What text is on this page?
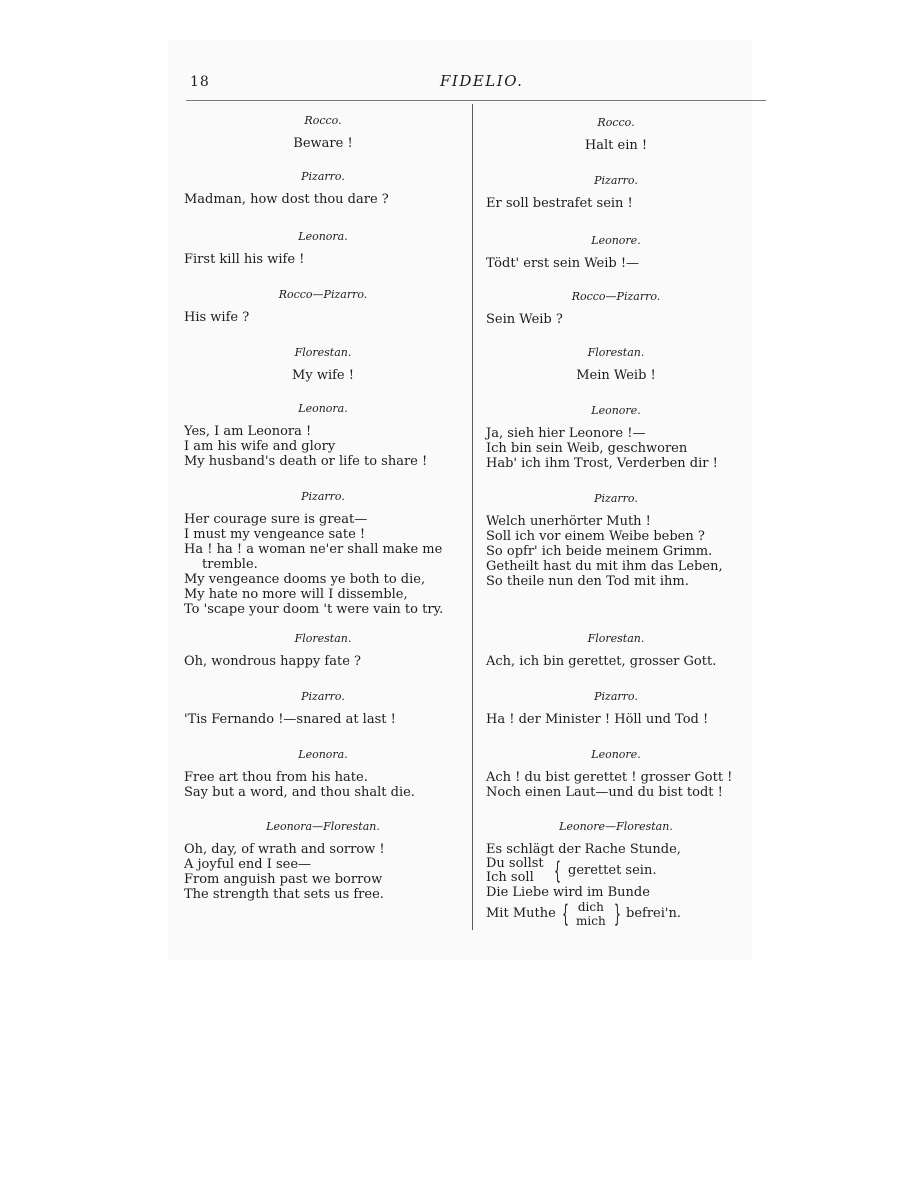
18	FIDELIO.

Rocco.

Beware !

Pizarro.

Madman, how dost thou dare ?

Leonora.

First kill his wife !

Rocco—Pizarro.

His wife ?

Florestan.

My wife !

Leonora.

Yes, I am Leonora !
I am his wife and glory
My husband's death or life to share !

Pizarro.

Her courage sure is great—
I must my vengeance sate !
Ha ! ha ! a woman ne'er shall make me
tremble.
My vengeance dooms ye both to die,
My hate no more will I dissemble,
To 'scape your doom 't were vain to try.

Florestan.

Oh, wondrous happy fate ?

Pizarro.

'Tis Fernando !—snared at last !

Leonora.

Free art thou from his hate.
Say but a word, and thou shalt die.

Leonora—Florestan.

Oh, day, of wrath and sorrow !
A joyful end I see—
From anguish past we borrow
The strength that sets us free.

Rocco.

Halt ein !

Pizarro.

Er soll bestrafet sein !

Leonore.

Tödt' erst sein Weib !—

Rocco—Pizarro.

Sein Weib ?

Florestan.

Mein Weib !

Leonore.

Ja, sieh hier Leonore !—
Ich bin sein Weib, geschworen
Hab' ich ihm Trost, Verderben dir !

Pizarro.

Welch unerhörter Muth !
Soll ich vor einem Weibe beben ?
So opfr' ich beide meinem Grimm.
Getheilt hast du mit ihm das Leben,
So theile nun den Tod mit ihm.

Florestan.

Ach, ich bin gerettet, grosser Gott.

Pizarro.

Ha ! der Minister ! Höll und Tod !

Leonore.

Ach ! du bist gerettet ! grosser Gott !
Noch einen Laut—und du bist todt !

Leonore—Florestan.

Es schlägt der Rache Stunde,
Du sollst
Ich soll { gerettet sein.
Die Liebe wird im Bunde
Mit Muthe { dich
mich } befrei'n.
